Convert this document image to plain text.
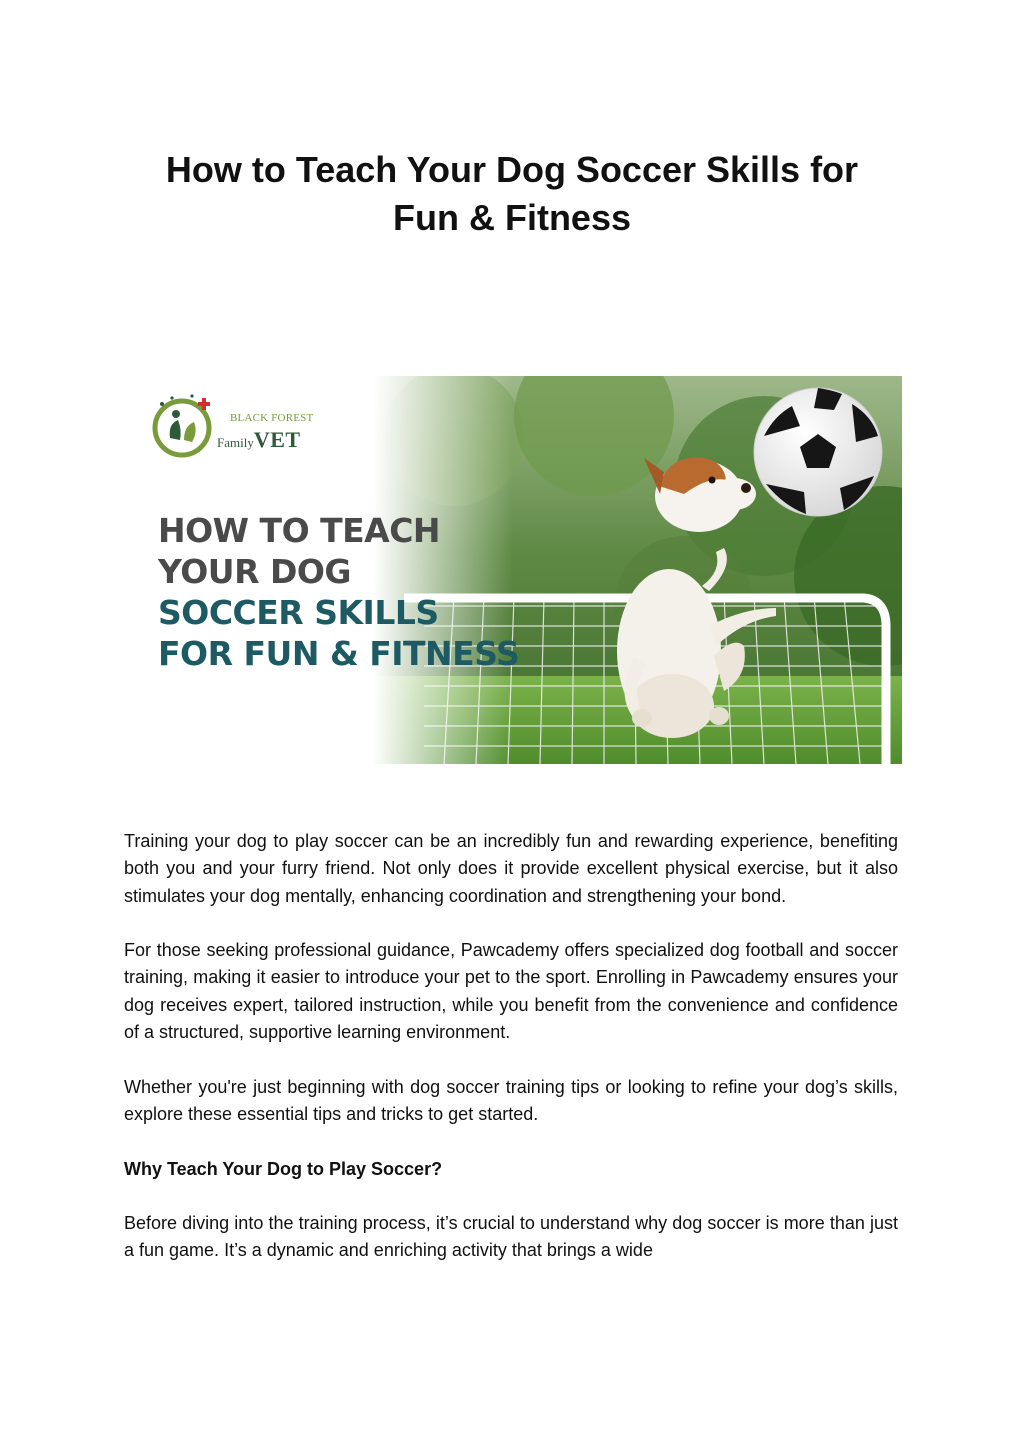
How to Teach Your Dog Soccer Skills for
Fun & Fitness
BLACK FOREST
FamilyVET
HOW TO TEACH
YOUR DOG
SOCCER SKILLS
FOR FUN & FITNESS

Training your dog to play soccer can be an incredibly fun and rewarding experience, benefiting both you and your furry friend. Not only does it provide excellent physical exercise, but it also stimulates your dog mentally, enhancing coordination and strengthening your bond.

For those seeking professional guidance, Pawcademy offers specialized dog football and soccer training, making it easier to introduce your pet to the sport. Enrolling in Pawcademy ensures your dog receives expert, tailored instruction, while you benefit from the convenience and confidence of a structured, supportive learning environment.

Whether you're just beginning with dog soccer training tips or looking to refine your dog’s skills, explore these essential tips and tricks to get started.

Why Teach Your Dog to Play Soccer?

Before diving into the training process, it’s crucial to understand why dog soccer is more than just a fun game. It’s a dynamic and enriching activity that brings a wide
